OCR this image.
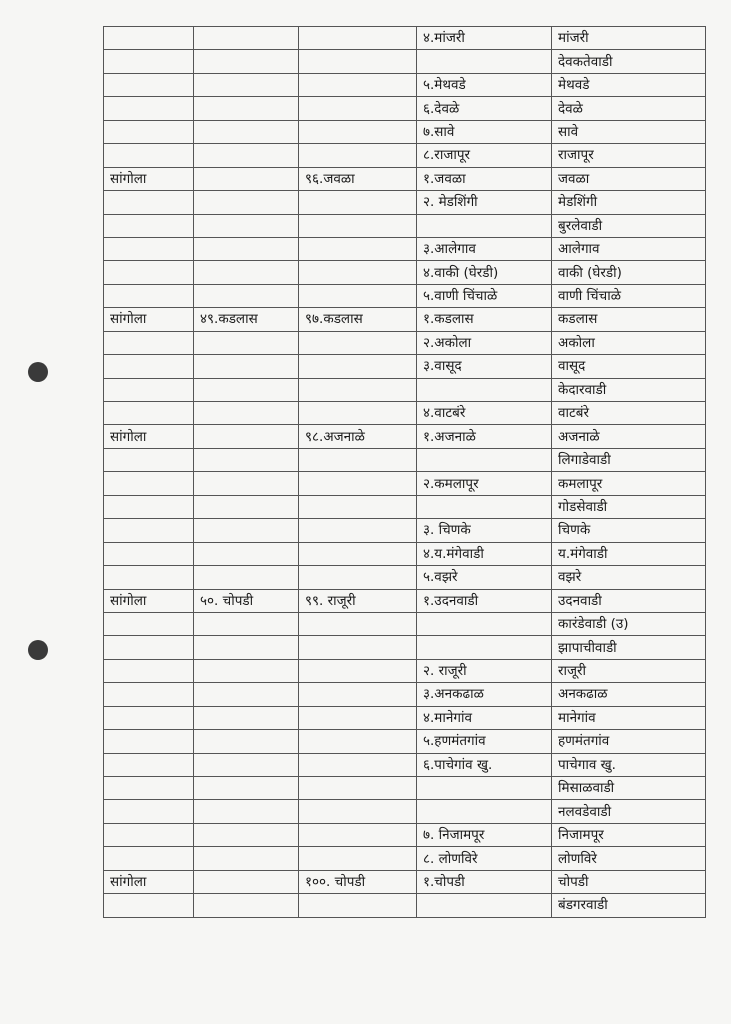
			४.मांजरी	मांजरी
				देवकतेवाडी
			५.मेथवडे	मेथवडे
			६.देवळे	देवळे
			७.सावे	सावे
			८.राजापूर	राजापूर
सांगोला		९६.जवळा	१.जवळा	जवळा
			२. मेडशिंगी	मेडशिंगी
				बुरलेवाडी
			३.आलेगाव	आलेगाव
			४.वाकी (घेरडी)	वाकी (घेरडी)
			५.वाणी चिंचाळे	वाणी चिंचाळे
सांगोला	४९.कडलास	९७.कडलास	१.कडलास	कडलास
			२.अकोला	अकोला
			३.वासूद	वासूद
				केदारवाडी
			४.वाटबंरे	वाटबंरे
सांगोला		९८.अजनाळे	१.अजनाळे	अजनाळे
				लिगाडेवाडी
			२.कमलापूर	कमलापूर
				गोडसेवाडी
			३. चिणके	चिणके
			४.य.मंगेवाडी	य.मंगेवाडी
			५.वझरे	वझरे
सांगोला	५०. चोपडी	९९. राजूरी	१.उदनवाडी	उदनवाडी
				कारंडेवाडी (उ)
				झापाचीवाडी
			२. राजूरी	राजूरी
			३.अनकढाळ	अनकढाळ
			४.मानेगांव	मानेगांव
			५.हणमंतगांव	हणमंतगांव
			६.पाचेगांव खु.	पाचेगाव खु.
				मिसाळवाडी
				नलवडेवाडी
			७. निजामपूर	निजामपूर
			८. लोणविरे	लोणविरे
सांगोला		१००. चोपडी	१.चोपडी	चोपडी
				बंडगरवाडी
